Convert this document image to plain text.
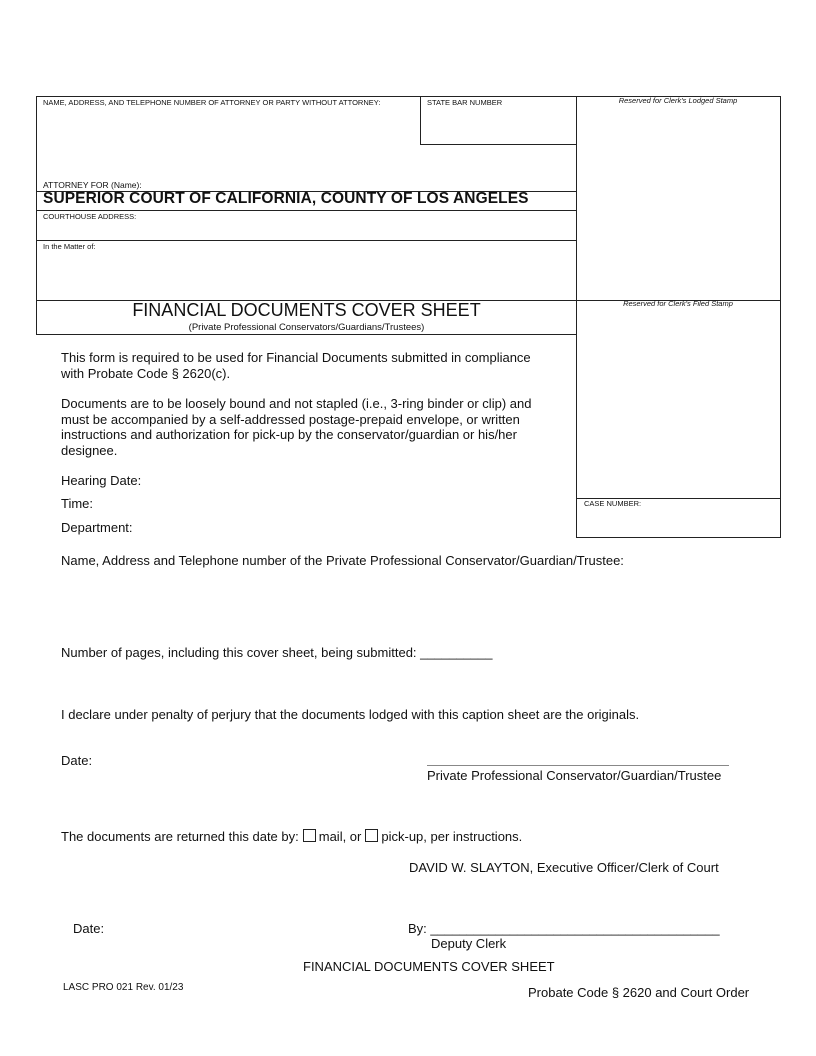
NAME, ADDRESS, AND TELEPHONE NUMBER OF ATTORNEY OR PARTY WITHOUT ATTORNEY:	STATE BAR NUMBER	Reserved for Clerk's Lodged Stamp
ATTORNEY FOR (Name):
SUPERIOR COURT OF CALIFORNIA, COUNTY OF LOS ANGELES
COURTHOUSE ADDRESS:
In the Matter of:
Reserved for Clerk's Filed Stamp
CASE NUMBER:
FINANCIAL DOCUMENTS COVER SHEET
(Private Professional Conservators/Guardians/Trustees)
This form is required to be used for Financial Documents submitted in compliance with Probate Code § 2620(c).
Documents are to be loosely bound and not stapled (i.e., 3-ring binder or clip) and must be accompanied by a self-addressed postage-prepaid envelope, or written instructions and authorization for pick-up by the conservator/guardian or his/her designee.
Hearing Date:
Time:
Department:
Name, Address and Telephone number of the Private Professional Conservator/Guardian/Trustee:
Number of pages, including this cover sheet, being submitted: __________
I declare under penalty of perjury that the documents lodged with this caption sheet are the originals.
Date:
Private Professional Conservator/Guardian/Trustee
The documents are returned this date by: mail, or pick-up, per instructions.
DAVID W. SLAYTON, Executive Officer/Clerk of Court
Date:	By: ________________________________________
Deputy Clerk
FINANCIAL DOCUMENTS COVER SHEET
LASC PRO 021 Rev. 01/23	Probate Code § 2620 and Court Order
